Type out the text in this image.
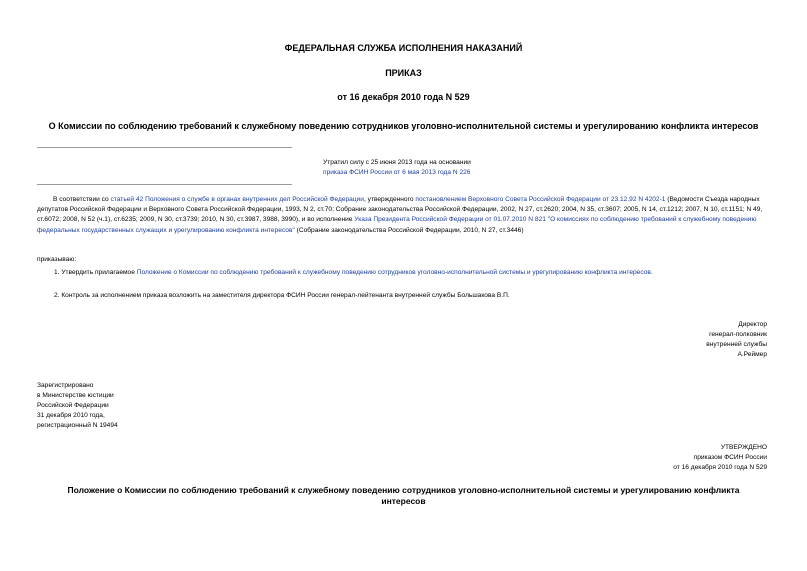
ФЕДЕРАЛЬНАЯ СЛУЖБА ИСПОЛНЕНИЯ НАКАЗАНИЙ
ПРИКАЗ
от 16 декабря 2010 года N 529
О Комиссии по соблюдению требований к служебному поведению сотрудников уголовно-исполнительной системы и урегулированию конфликта интересов
Утратил силу с 25 июня 2013 года на основании
приказа ФСИН России от 6 мая 2013 года N 226
В соответствии со статьей 42 Положения о службе в органах внутренних дел Российской Федерации, утвержденного постановлением Верховного Совета Российской Федерации от 23.12.92 N 4202-1 (Ведомости Съезда народных депутатов Российской Федерации и Верховного Совета Российской Федерации, 1993, N 2, ст.70; Собрание законодательства Российской Федерации, 2002, N 27, ст.2620; 2004, N 35, ст.3607; 2005, N 14, ст.1212; 2007, N 10, ст.1151; N 49, ст.6072; 2008, N 52 (ч.1), ст.6235; 2009, N 30, ст.3739; 2010, N 30, ст.3987, 3988, 3990), и во исполнение Указа Президента Российской Федерации от 01.07.2010 N 821 "О комиссиях по соблюдению требований к служебному поведению федеральных государственных служащих и урегулированию конфликта интересов" (Собрание законодательства Российской Федерации, 2010, N 27, ст.3446)
приказываю:
1. Утвердить прилагаемое Положение о Комиссии по соблюдению требований к служебному поведению сотрудников уголовно-исполнительной системы и урегулированию конфликта интересов.
2. Контроль за исполнением приказа возложить на заместителя директора ФСИН России генерал-лейтенанта внутренней службы Большакова В.П.
Директор
генерал-полковник
внутренней службы
А.Реймер
Зарегистрировано
в Министерстве юстиции
Российской Федерации
31 декабря 2010 года,
регистрационный N 19494
УТВЕРЖДЕНО
приказом ФСИН России
от 16 декабря 2010 года N 529
Положение о Комиссии по соблюдению требований к служебному поведению сотрудников уголовно-исполнительной системы и урегулированию конфликта интересов
